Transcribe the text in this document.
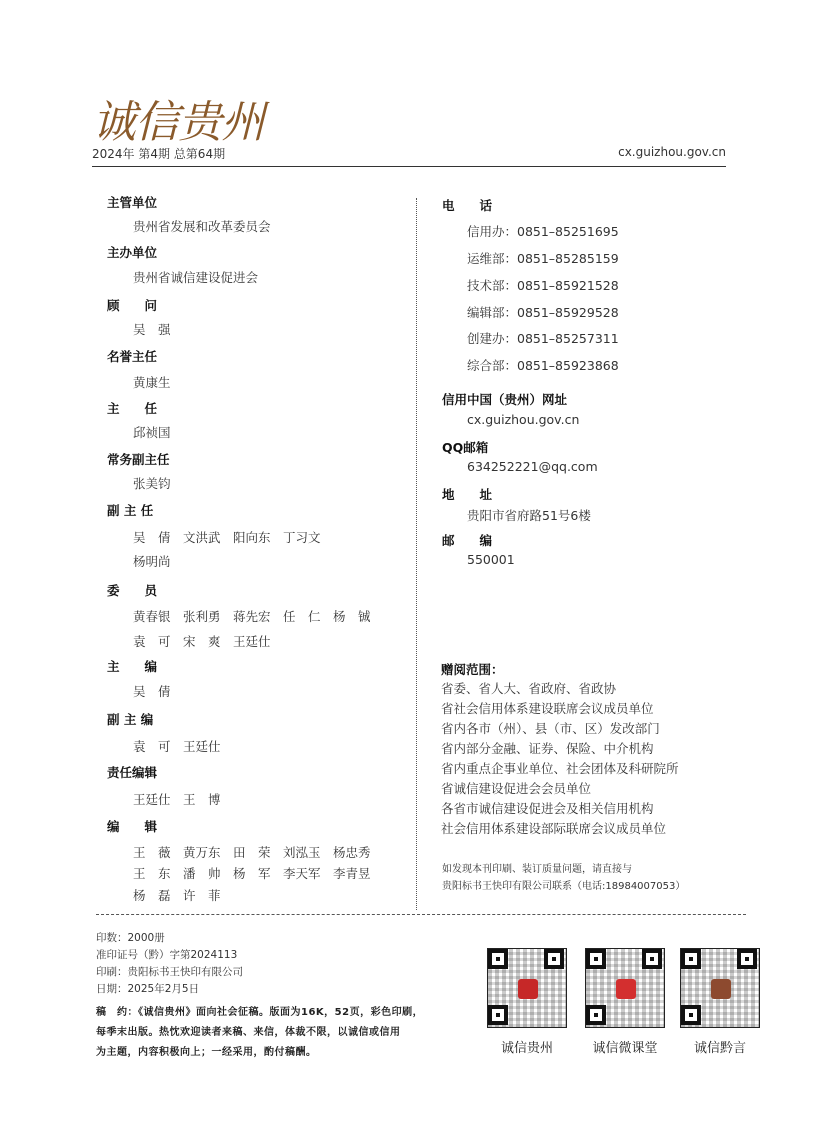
诚信贵州
2024年 第4期 总第64期	cx.guizhou.gov.cn
主管单位
贵州省发展和改革委员会
主办单位
贵州省诚信建设促进会
顾　　问
吴　强
名誉主任
黄康生
主　　任
邱祯国
常务副主任
张美钧
副 主 任
吴　倩　文洪武　阳向东　丁习文
杨明尚
委　　员
黄春银　张利勇　蒋先宏　任　仁　杨　铖
袁　可　宋　爽　王廷仕
主　　编
吴　倩
副 主 编
袁　可　王廷仕
责任编辑
王廷仕　王　博
编　　辑
王　薇　黄万东　田　荣　刘泓玉　杨忠秀
王　东　潘　帅　杨　军　李天军　李青昱
杨　磊　许　菲
电　　话
信用办：0851–85251695
运维部：0851–85285159
技术部：0851–85921528
编辑部：0851–85929528
创建办：0851–85257311
综合部：0851–85923868
信用中国（贵州）网址
cx.guizhou.gov.cn
QQ邮箱
634252221@qq.com
地　　址
贵阳市省府路51号6楼
邮　　编
550001
赠阅范围：
省委、省人大、省政府、省政协
省社会信用体系建设联席会议成员单位
省内各市（州）、县（市、区）发改部门
省内部分金融、证券、保险、中介机构
省内重点企事业单位、社会团体及科研院所
省诚信建设促进会会员单位
各省市诚信建设促进会及相关信用机构
社会信用体系建设部际联席会议成员单位
如发现本刊印刷、装订质量问题，请直接与
贵阳标书王快印有限公司联系（电话:18984007053）
印数：2000册
准印证号（黔）字第2024113
印刷：贵阳标书王快印有限公司
日期：2025年2月5日
稿　约：《诚信贵州》面向社会征稿。版面为16K，52页，彩色印刷，
每季末出版。热忱欢迎读者来稿、来信，体裁不限，以诚信或信用
为主题，内容积极向上；一经采用，酌付稿酬。	诚信贵州	诚信微课堂	诚信黔言
